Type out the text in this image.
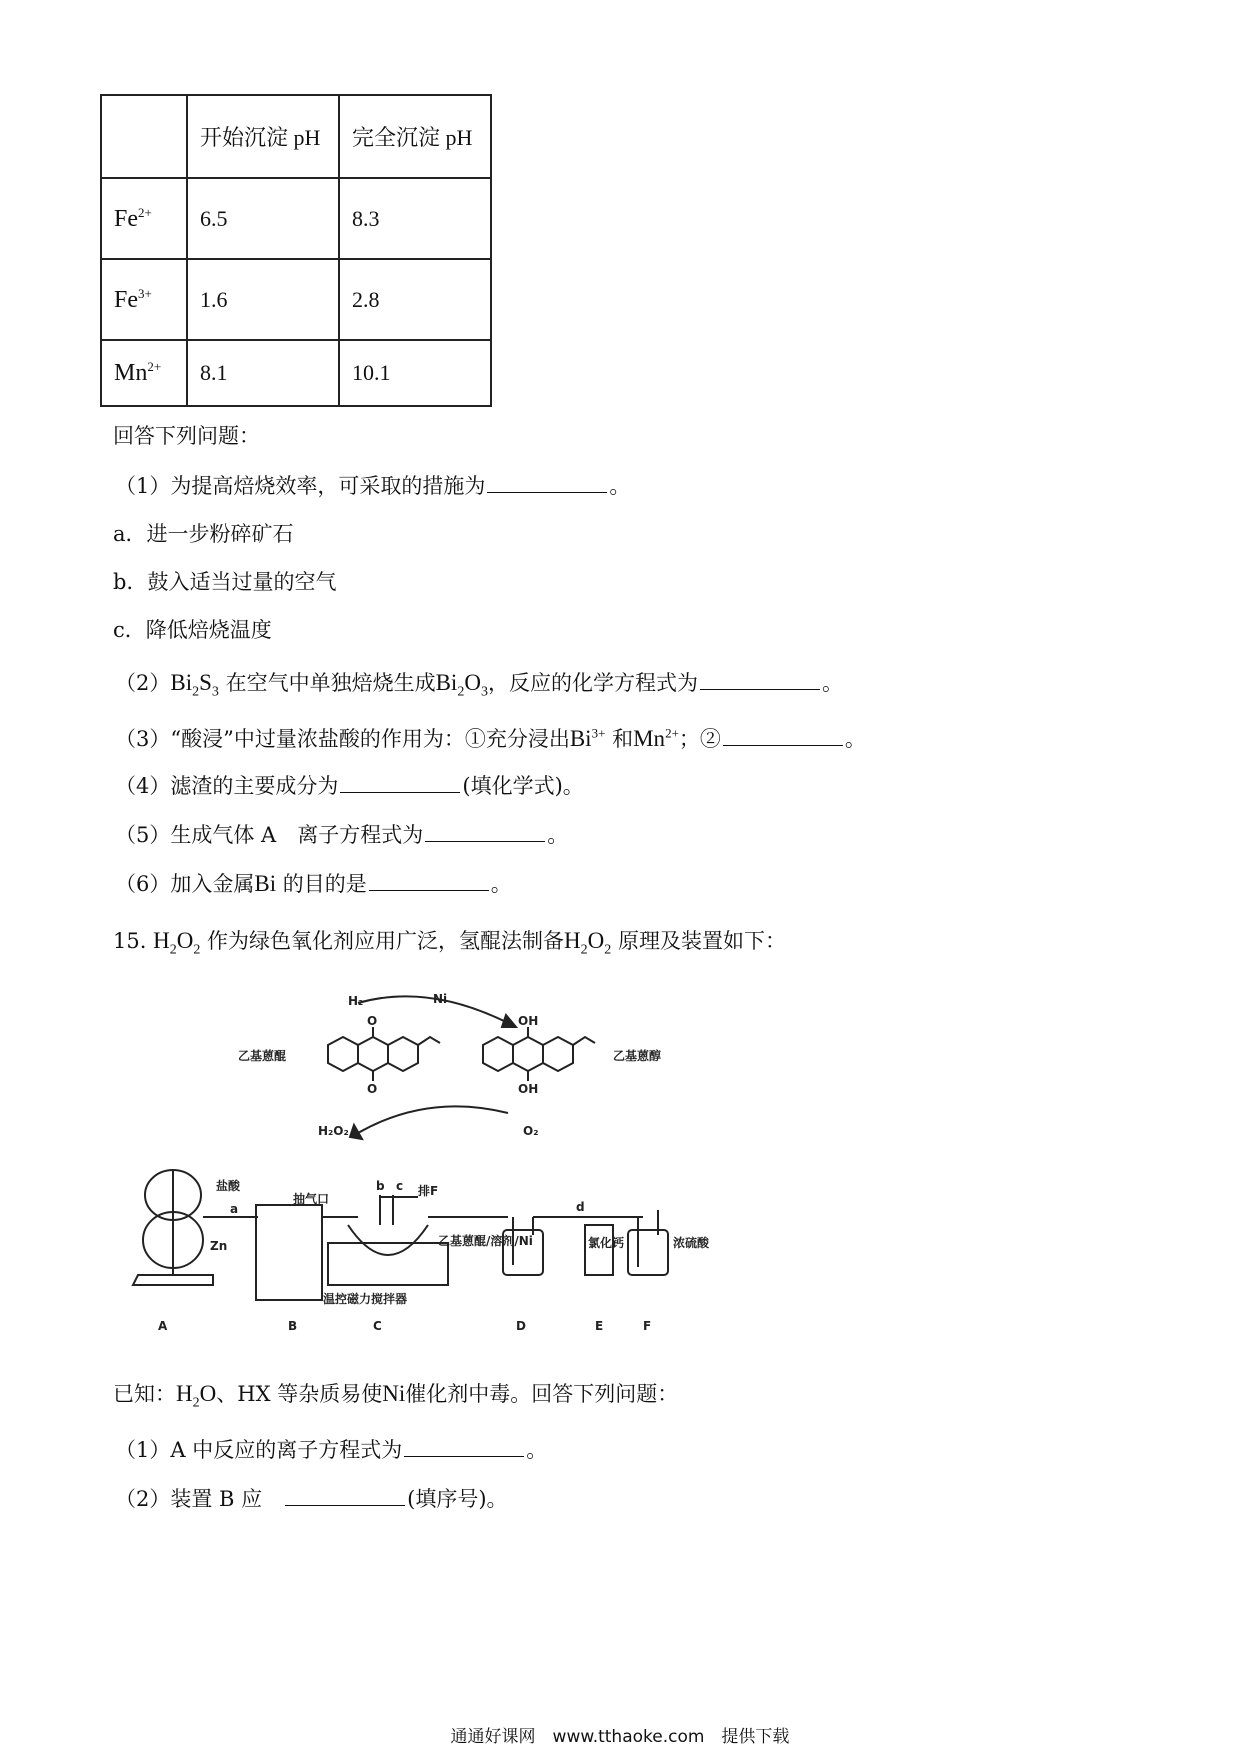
	开始沉淀 pH	完全沉淀 pH
$Fe^{2+}$	6.5	8.3
$Fe^{3+}$	1.6	2.8
$Mn^{2+}$	8.1	10.1
回答下列问题：
（1）为提高焙烧效率，可采取的措施为	。
a．进一步粉碎矿石
b．鼓入适当过量的空气
c．降低焙烧温度
$(2)Bi_2S_3$ 在空气中单独焙烧生成$Bi_2O_3$，反应的化学方程式为	。
（3）“酸浸”中过量浓盐酸的作用为：①充分浸出$Bi^{3+}$ 和$Mn^{2+}$；②	。
（4）滤渣的主要成分为	(填化学式)。
（5）生成气体 A　离子方程式为	。
（6）加入金属Bi 的目的是	。
15. $H_2O_2$ 作为绿色氧化剂应用广泛，氢醌法制备$H_2O_2$ 原理及装置如下：
H₂	Ni
乙基蒽醌	乙基蒽醇
O
O
OH
OH
H₂O₂	O₂
盐酸
Zn
抽气口
排F
乙基蒽醌/溶剂/Ni
温控磁力搅拌器
氯化钙	浓硫酸
a
b c
d
A	B	C	D	E	F
已知：$H_2O$、HX 等杂质易使Ni催化剂中毒。回答下列问题：
（1）A 中反应的离子方程式为	。
（2）装置 B 应　	(填序号)。
通通好课网　www.tthaoke.com　提供下载
